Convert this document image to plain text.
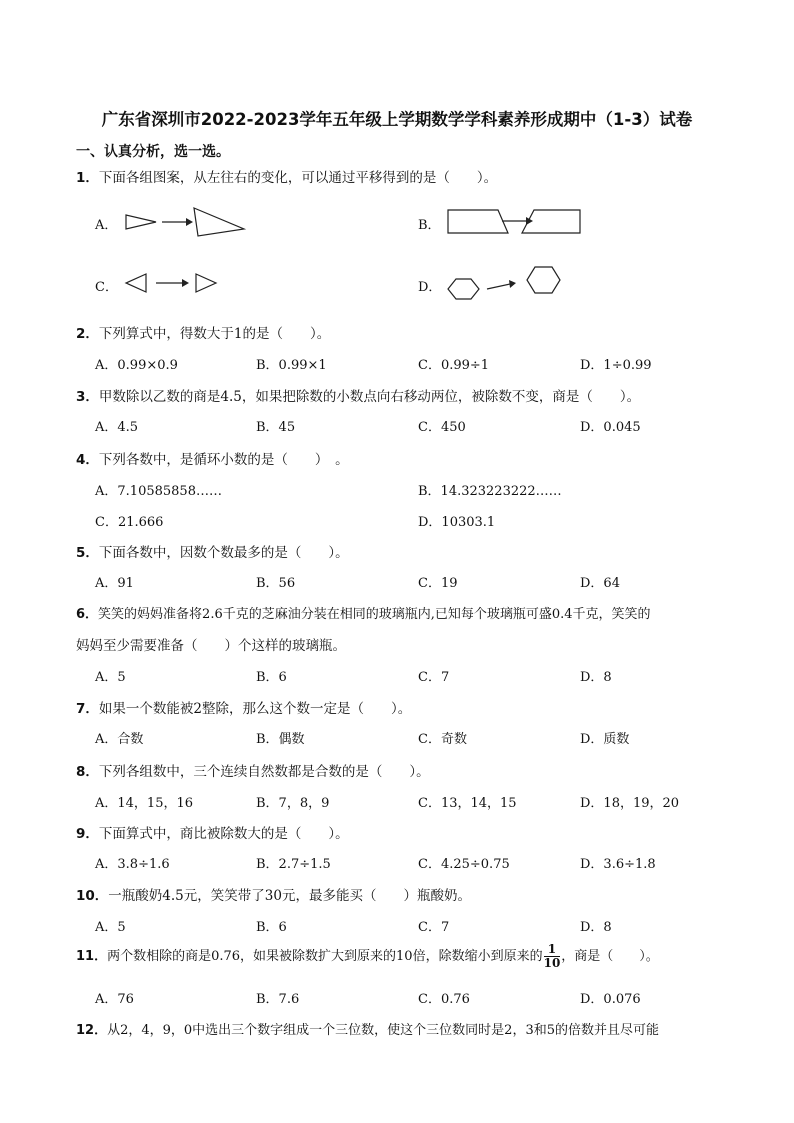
广东省深圳市2022-2023学年五年级上学期数学学科素养形成期中（1-3）试卷
一、认真分析，选一选。
1．下面各组图案，从左往右的变化，可以通过平移得到的是（　　）。
A．	B．
C．	D．
2．下列算式中，得数大于1的是（　　）。
A．0.99×0.9	B．0.99×1	C．0.99÷1	D．1÷0.99
3．甲数除以乙数的商是4.5，如果把除数的小数点向右移动两位，被除数不变，商是（　　）。
A．4.5	B．45	C．450	D．0.045
4．下列各数中，是循环小数的是（　　）　。
A．7.10585858……	B．14.323223222……
C．21.666	D．10303.1
5．下面各数中，因数个数最多的是（　　）。
A．91	B．56	C．19	D．64
6．笑笑的妈妈准备将2.6千克的芝麻油分装在相同的玻璃瓶内,已知每个玻璃瓶可盛0.4千克，笑笑的
妈妈至少需要准备（　　）个这样的玻璃瓶。
A．5	B．6	C．7	D．8
7．如果一个数能被2整除，那么这个数一定是（　　）。
A．合数	B．偶数	C．奇数	D．质数
8．下列各组数中，三个连续自然数都是合数的是（　　）。
A．14，15，16	B．7，8，9	C．13，14，15	D．18，19，20
9．下面算式中，商比被除数大的是（　　）。
A．3.8÷1.6	B．2.7÷1.5	C．4.25÷0.75	D．3.6÷1.8
10．一瓶酸奶4.5元，笑笑带了30元，最多能买（　　）瓶酸奶。
A．5	B．6	C．7	D．8
11．两个数相除的商是0.76，如果被除数扩大到原来的10倍，除数缩小到原来的 $\frac{1}{10}$ ，商是（　　）。
A．76	B．7.6	C．0.76	D．0.076
12．从2，4，9，0中选出三个数字组成一个三位数，使这个三位数同时是2，3和5的倍数并且尽可能
